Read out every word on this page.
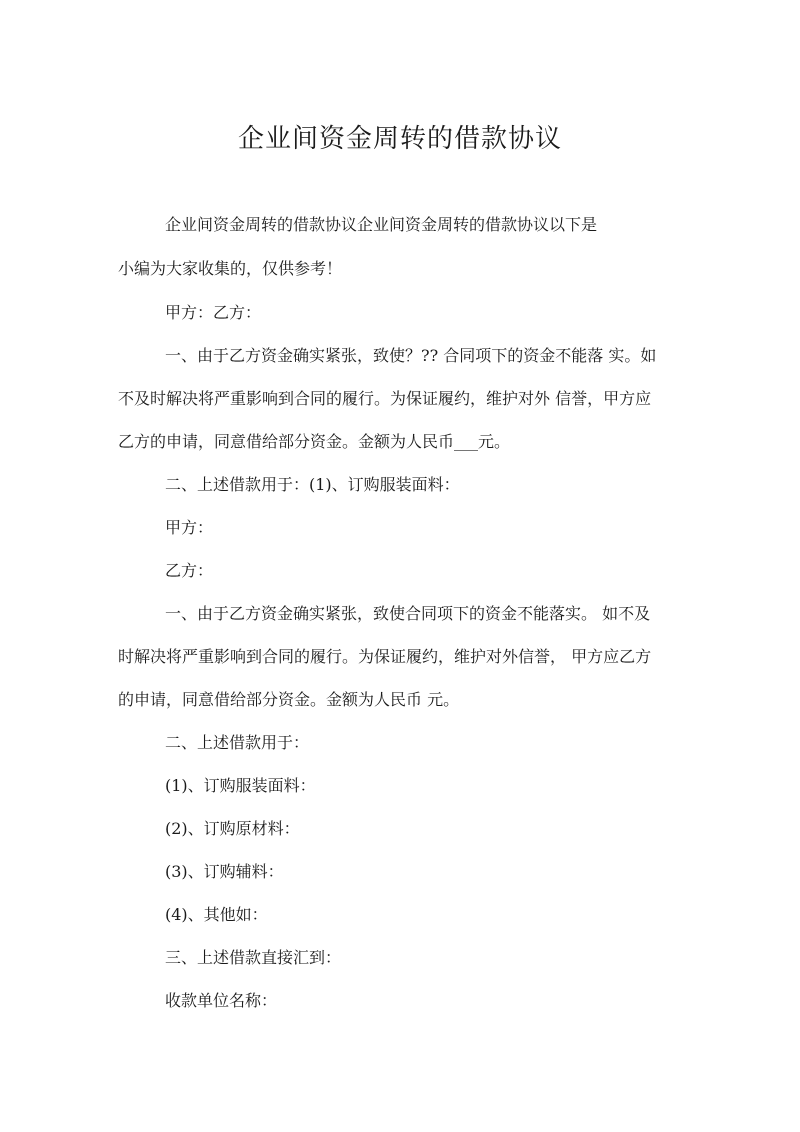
企业间资金周转的借款协议
企业间资金周转的借款协议企业间资金周转的借款协议以下是
小编为大家收集的，仅供参考！
甲方：乙方：
一、由于乙方资金确实紧张，致使？?? 合同项下的资金不能落 实。如
不及时解决将严重影响到合同的履行。为保证履约，维护对外 信誉，甲方应
乙方的申请，同意借给部分资金。金额为人民币___元。
二、上述借款用于：(1)、订购服装面料：
甲方：
乙方：
一、由于乙方资金确实紧张，致使合同项下的资金不能落实。 如不及
时解决将严重影响到合同的履行。为保证履约，维护对外信誉， 甲方应乙方
的申请，同意借给部分资金。金额为人民币 元。
二、上述借款用于：
(1)、订购服装面料：
(2)、订购原材料：
(3)、订购辅料：
(4)、其他如：
三、上述借款直接汇到：
收款单位名称：
